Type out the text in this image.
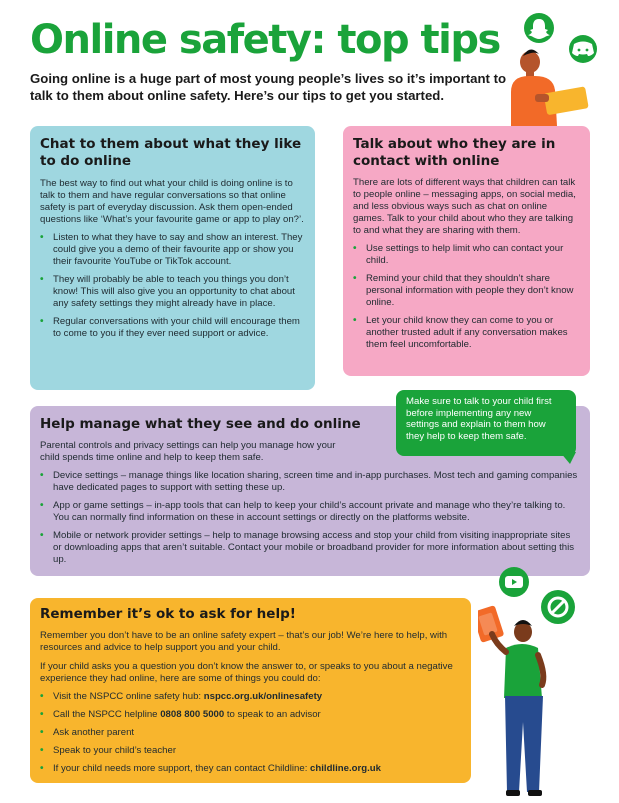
Online safety: top tips
Going online is a huge part of most young people’s lives so it’s important to talk to them about online safety. Here’s our tips to get you started.
Chat to them about what they like to do online

The best way to find out what your child is doing online is to talk to them and have regular conversations so that online safety is part of everyday discussion. Ask them open-ended questions like ‘What’s your favourite game or app to play on?’.

• Listen to what they have to say and show an interest. They could give you a demo of their favourite app or show you their favourite YouTube or TikTok account.
• They will probably be able to teach you things you don’t know! This will also give you an opportunity to chat about any safety settings they might already have in place.
• Regular conversations with your child will encourage them to come to you if they ever need support or advice.
Talk about who they are in contact with online

There are lots of different ways that children can talk to people online – messaging apps, on social media, and less obvious ways such as chat on online games. Talk to your child about who they are talking to and what they are sharing with them.

• Use settings to help limit who can contact your child.
• Remind your child that they shouldn’t share personal information with people they don’t know online.
• Let your child know they can come to you or another trusted adult if any conversation makes them feel uncomfortable.
Help manage what they see and do online

Parental controls and privacy settings can help you manage how your child spends time online and help to keep them safe.

• Device settings – manage things like location sharing, screen time and in-app purchases. Most tech and gaming companies have dedicated pages to support with setting these up.
• App or game settings – in-app tools that can help to keep your child’s account private and manage who they’re talking to. You can normally find information on these in account settings or directly on the platforms website.
• Mobile or network provider settings – help to manage browsing access and stop your child from visiting inappropriate sites or downloading apps that aren’t suitable. Contact your mobile or broadband provider for more information about setting this up.
Make sure to talk to your child first before implementing any new settings and explain to them how they help to keep them safe.
Remember it’s ok to ask for help!

Remember you don’t have to be an online safety expert – that’s our job! We’re here to help, with resources and advice to help support you and your child.

If your child asks you a question you don’t know the answer to, or speaks to you about a negative experience they had online, here are some of things you could do:

• Visit the NSPCC online safety hub: nspcc.org.uk/onlinesafety
• Call the NSPCC helpline 0808 800 5000 to speak to an advisor
• Ask another parent
• Speak to your child’s teacher
• If your child needs more support, they can contact Childline: childline.org.uk
